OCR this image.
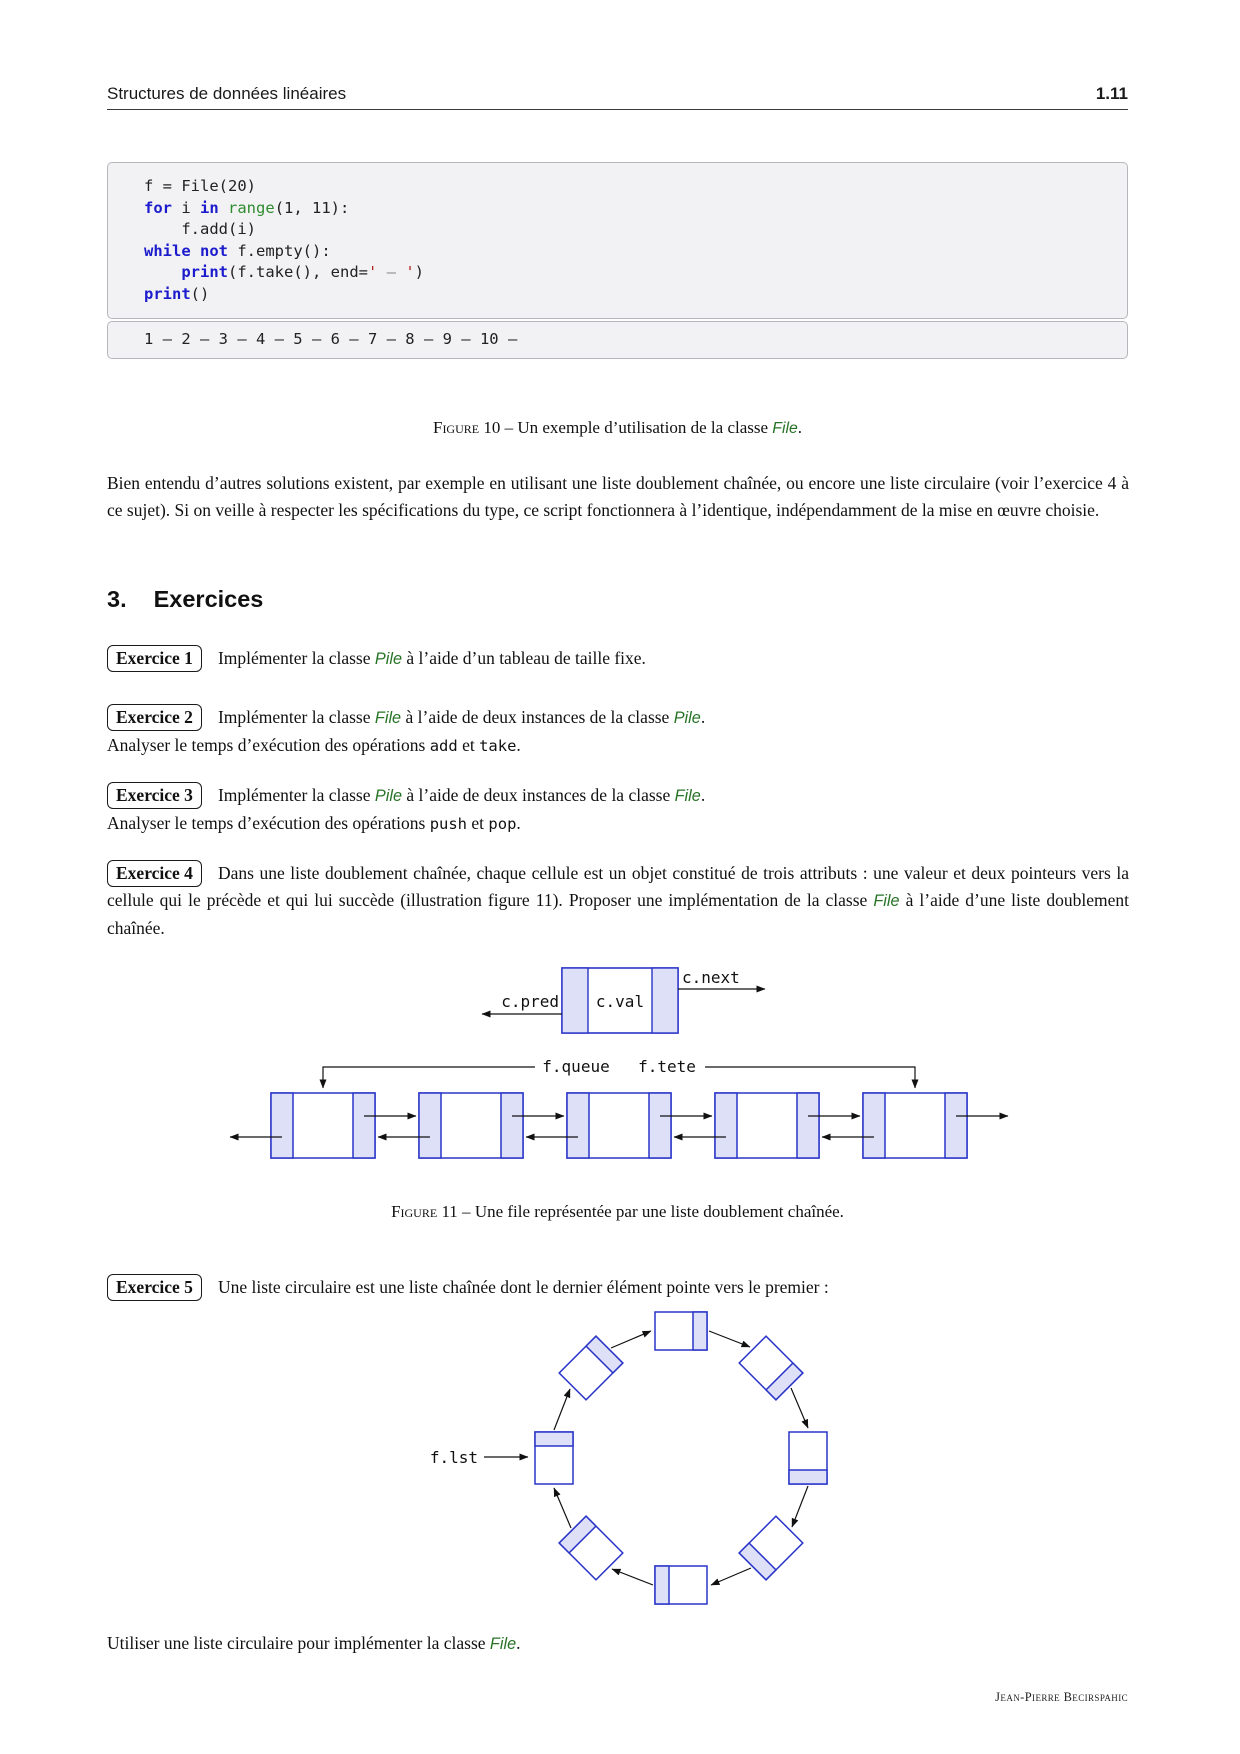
Structures de données linéaires	1.11
f = File(20)
for i in range(1, 11):
f.add(i)
while not f.empty():
print(f.take(), end=' – ')
print()
1 – 2 – 3 – 4 – 5 – 6 – 7 – 8 – 9 – 10 –
Figure 10 – Un exemple d’utilisation de la classe File.
Bien entendu d’autres solutions existent, par exemple en utilisant une liste doublement chaînée, ou encore une liste circulaire (voir l’exercice 4 à ce sujet). Si on veille à respecter les spécifications du type, ce script fonctionnera à l’identique, indépendamment de la mise en œuvre choisie.
3. Exercices
Exercice 1 Implémenter la classe Pile à l’aide d’un tableau de taille fixe.
Exercice 2 Implémenter la classe File à l’aide de deux instances de la classe Pile.
Analyser le temps d’exécution des opérations add et take.
Exercice 3 Implémenter la classe Pile à l’aide de deux instances de la classe File.
Analyser le temps d’exécution des opérations push et pop.
Exercice 4 Dans une liste doublement chaînée, chaque cellule est un objet constitué de trois attributs : une valeur et deux pointeurs vers la cellule qui le précède et qui lui succède (illustration figure 11). Proposer une implémentation de la classe File à l’aide d’une liste doublement chaînée.
c.val
c.pred
c.next
f.queue f.tete
Figure 11 – Une file représentée par une liste doublement chaînée.
Exercice 5 Une liste circulaire est une liste chaînée dont le dernier élément pointe vers le premier :
f.lst
Utiliser une liste circulaire pour implémenter la classe File.
Jean-Pierre Becirspahic
